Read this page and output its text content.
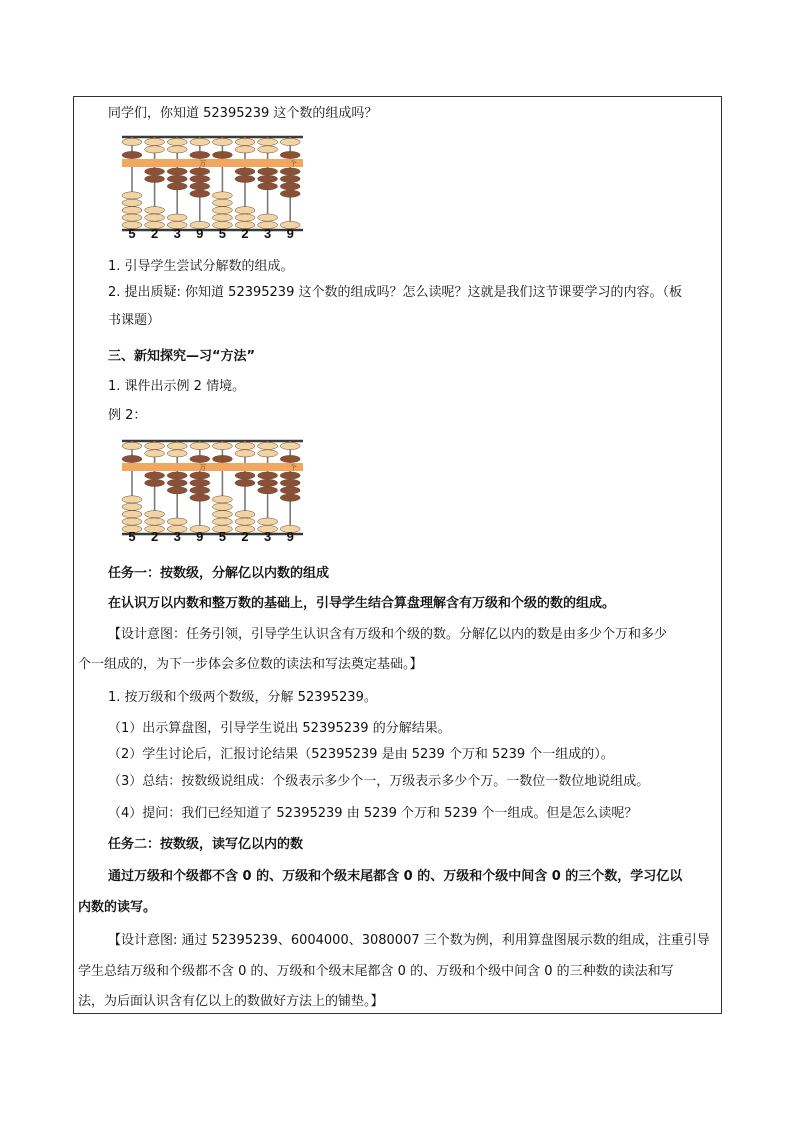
同学们，你知道 52395239 这个数的组成吗？
万	个
5	2	3	9	5	2	3	9
1. 引导学生尝试分解数的组成。
2. 提出质疑: 你知道 52395239 这个数的组成吗？怎么读呢？这就是我们这节课要学习的内容。（板
书课题）
三、新知探究—习“方法”
1. 课件出示例 2 情境。
例 2：
万	个
5	2	3	9	5	2	3	9
任务一：按数级，分解亿以内数的组成
在认识万以内数和整万数的基础上，引导学生结合算盘理解含有万级和个级的数的组成。
【设计意图：任务引领，引导学生认识含有万级和个级的数。分解亿以内的数是由多少个万和多少
个一组成的，为下一步体会多位数的读法和写法奠定基础。】
1. 按万级和个级两个数级，分解 52395239。
（1）出示算盘图，引导学生说出 52395239 的分解结果。
（2）学生讨论后，汇报讨论结果（52395239 是由 5239 个万和 5239 个一组成的）。
（3）总结：按数级说组成：个级表示多少个一，万级表示多少个万。一数位一数位地说组成。
（4）提问：我们已经知道了 52395239 由 5239 个万和 5239 个一组成。但是怎么读呢？
任务二：按数级，读写亿以内的数
通过万级和个级都不含 0 的、万级和个级末尾都含 0 的、万级和个级中间含 0 的三个数，学习亿以
内数的读写。
【设计意图: 通过 52395239、6004000、3080007 三个数为例，利用算盘图展示数的组成，注重引导
学生总结万级和个级都不含 0 的、万级和个级末尾都含 0 的、万级和个级中间含 0 的三种数的读法和写
法，为后面认识含有亿以上的数做好方法上的铺垫。】
